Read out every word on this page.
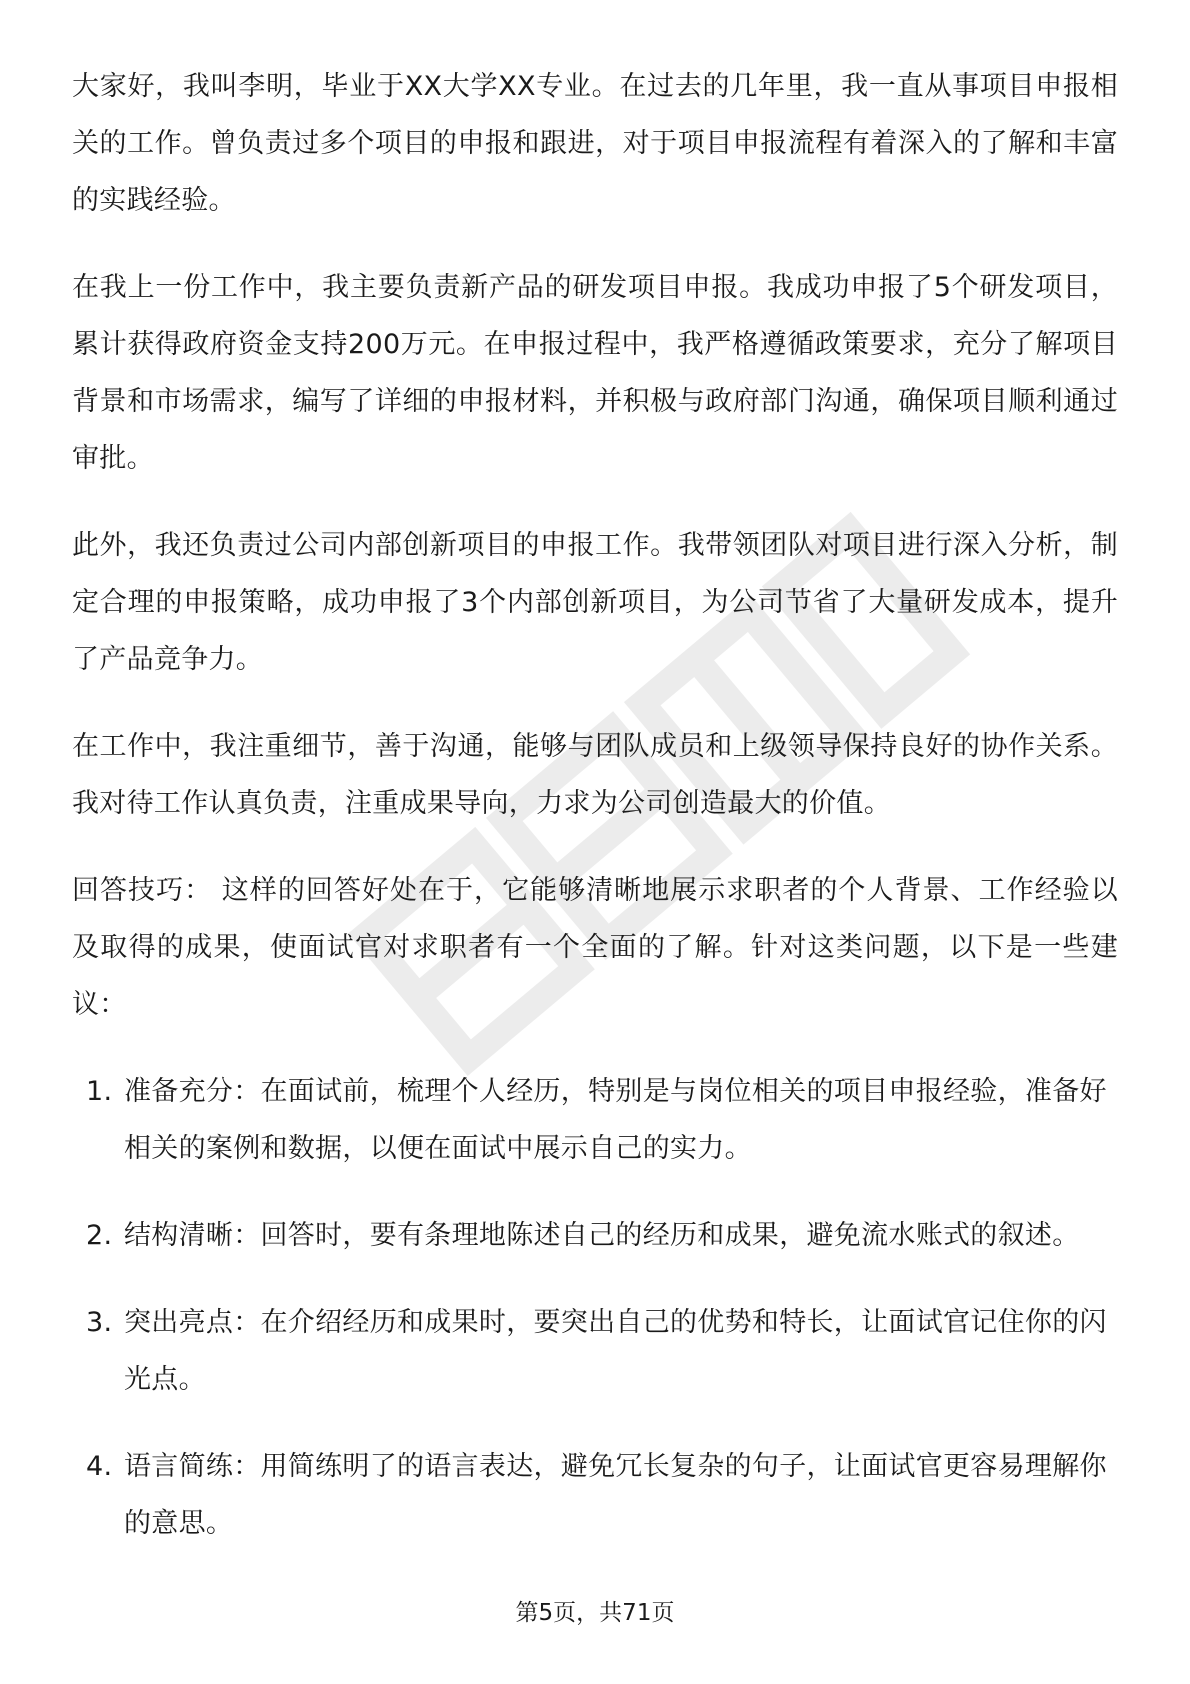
大家好，我叫李明，毕业于XX大学XX专业。在过去的几年里，我一直从事项目申报相关的工作。曾负责过多个项目的申报和跟进，对于项目申报流程有着深入的了解和丰富的实践经验。

在我上一份工作中，我主要负责新产品的研发项目申报。我成功申报了5个研发项目，累计获得政府资金支持200万元。在申报过程中，我严格遵循政策要求，充分了解项目背景和市场需求，编写了详细的申报材料，并积极与政府部门沟通，确保项目顺利通过审批。

此外，我还负责过公司内部创新项目的申报工作。我带领团队对项目进行深入分析，制定合理的申报策略，成功申报了3个内部创新项目，为公司节省了大量研发成本，提升了产品竞争力。

在工作中，我注重细节，善于沟通，能够与团队成员和上级领导保持良好的协作关系。我对待工作认真负责，注重成果导向，力求为公司创造最大的价值。

回答技巧： 这样的回答好处在于，它能够清晰地展示求职者的个人背景、工作经验以及取得的成果，使面试官对求职者有一个全面的了解。针对这类问题，以下是一些建议：

1. 准备充分：在面试前，梳理个人经历，特别是与岗位相关的项目申报经验，准备好相关的案例和数据，以便在面试中展示自己的实力。
2. 结构清晰：回答时，要有条理地陈述自己的经历和成果，避免流水账式的叙述。
3. 突出亮点：在介绍经历和成果时，要突出自己的优势和特长，让面试官记住你的闪光点。
4. 语言简练：用简练明了的语言表达，避免冗长复杂的句子，让面试官更容易理解你的意思。
第5页，共71页
